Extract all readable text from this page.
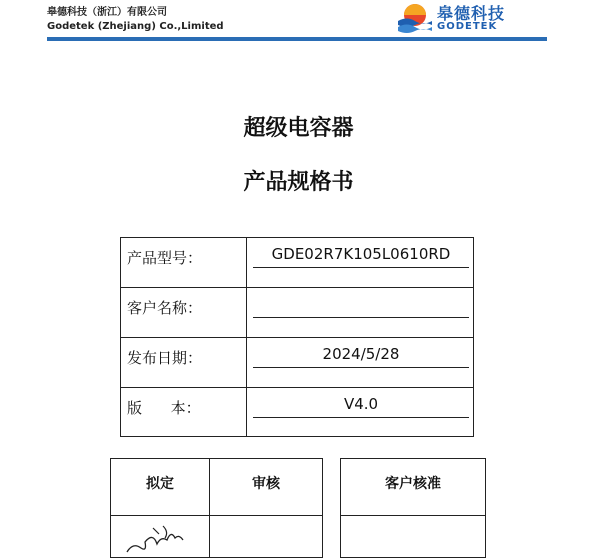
皋德科技（浙江）有限公司
Godetek (Zhejiang) Co.,Limited
皋德科技
GODETEK
超级电容器
产品规格书
产品型号：	GDE02R7K105L0610RD
客户名称：
发布日期：	2024/5/28
版      本：	V4.0
拟定	审核	客户核准
